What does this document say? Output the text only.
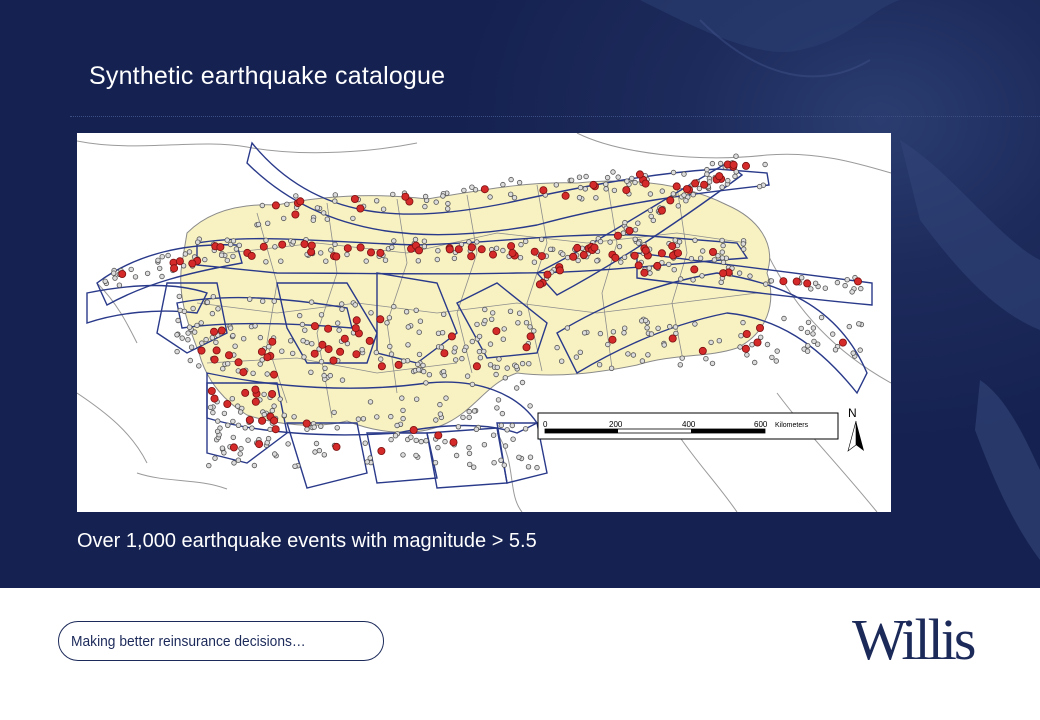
Synthetic earthquake catalogue
0	200	400	600 Kilometers
N
Over 1,000 earthquake events with magnitude > 5.5
Making better reinsurance decisions…	Willis
